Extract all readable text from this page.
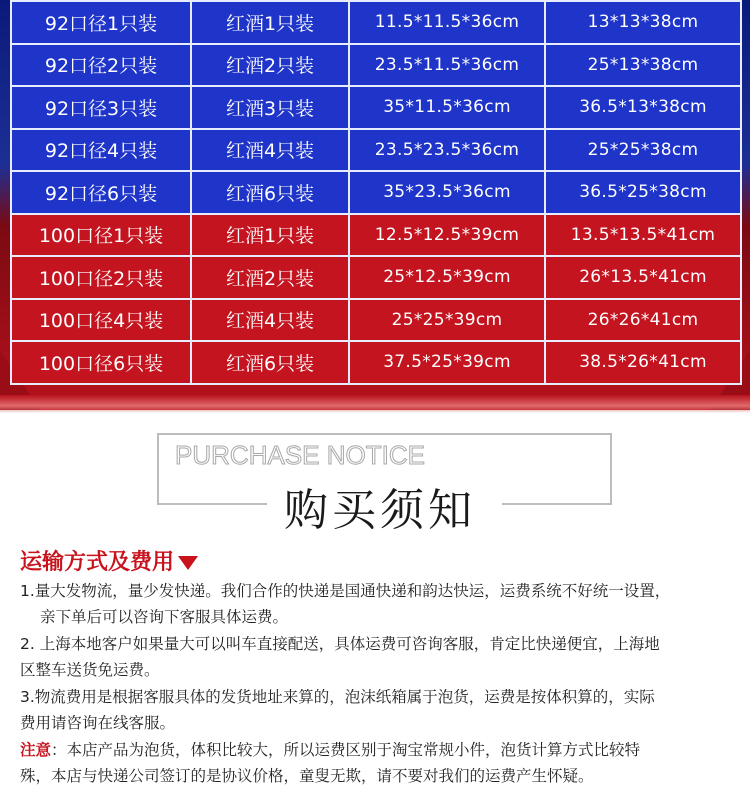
92口径1只装	红酒1只装	11.5*11.5*36cm	13*13*38cm
92口径2只装	红酒2只装	23.5*11.5*36cm	25*13*38cm
92口径3只装	红酒3只装	35*11.5*36cm	36.5*13*38cm
92口径4只装	红酒4只装	23.5*23.5*36cm	25*25*38cm
92口径6只装	红酒6只装	35*23.5*36cm	36.5*25*38cm
100口径1只装	红酒1只装	12.5*12.5*39cm	13.5*13.5*41cm
100口径2只装	红酒2只装	25*12.5*39cm	26*13.5*41cm
100口径4只装	红酒4只装	25*25*39cm	26*26*41cm
100口径6只装	红酒6只装	37.5*25*39cm	38.5*26*41cm
PURCHASE NOTICE
购买须知
运输方式及费用
1.量大发物流，量少发快递。我们合作的快递是国通快递和韵达快运，运费系统不好统一设置，
亲下单后可以咨询下客服具体运费。
2. 上海本地客户如果量大可以叫车直接配送，具体运费可咨询客服，肯定比快递便宜，上海地
区整车送货免运费。
3.物流费用是根据客服具体的发货地址来算的，泡沫纸箱属于泡货，运费是按体积算的，实际
费用请咨询在线客服。
注意：本店产品为泡货，体积比较大，所以运费区别于淘宝常规小件，泡货计算方式比较特
殊，本店与快递公司签订的是协议价格，童叟无欺，请不要对我们的运费产生怀疑。
